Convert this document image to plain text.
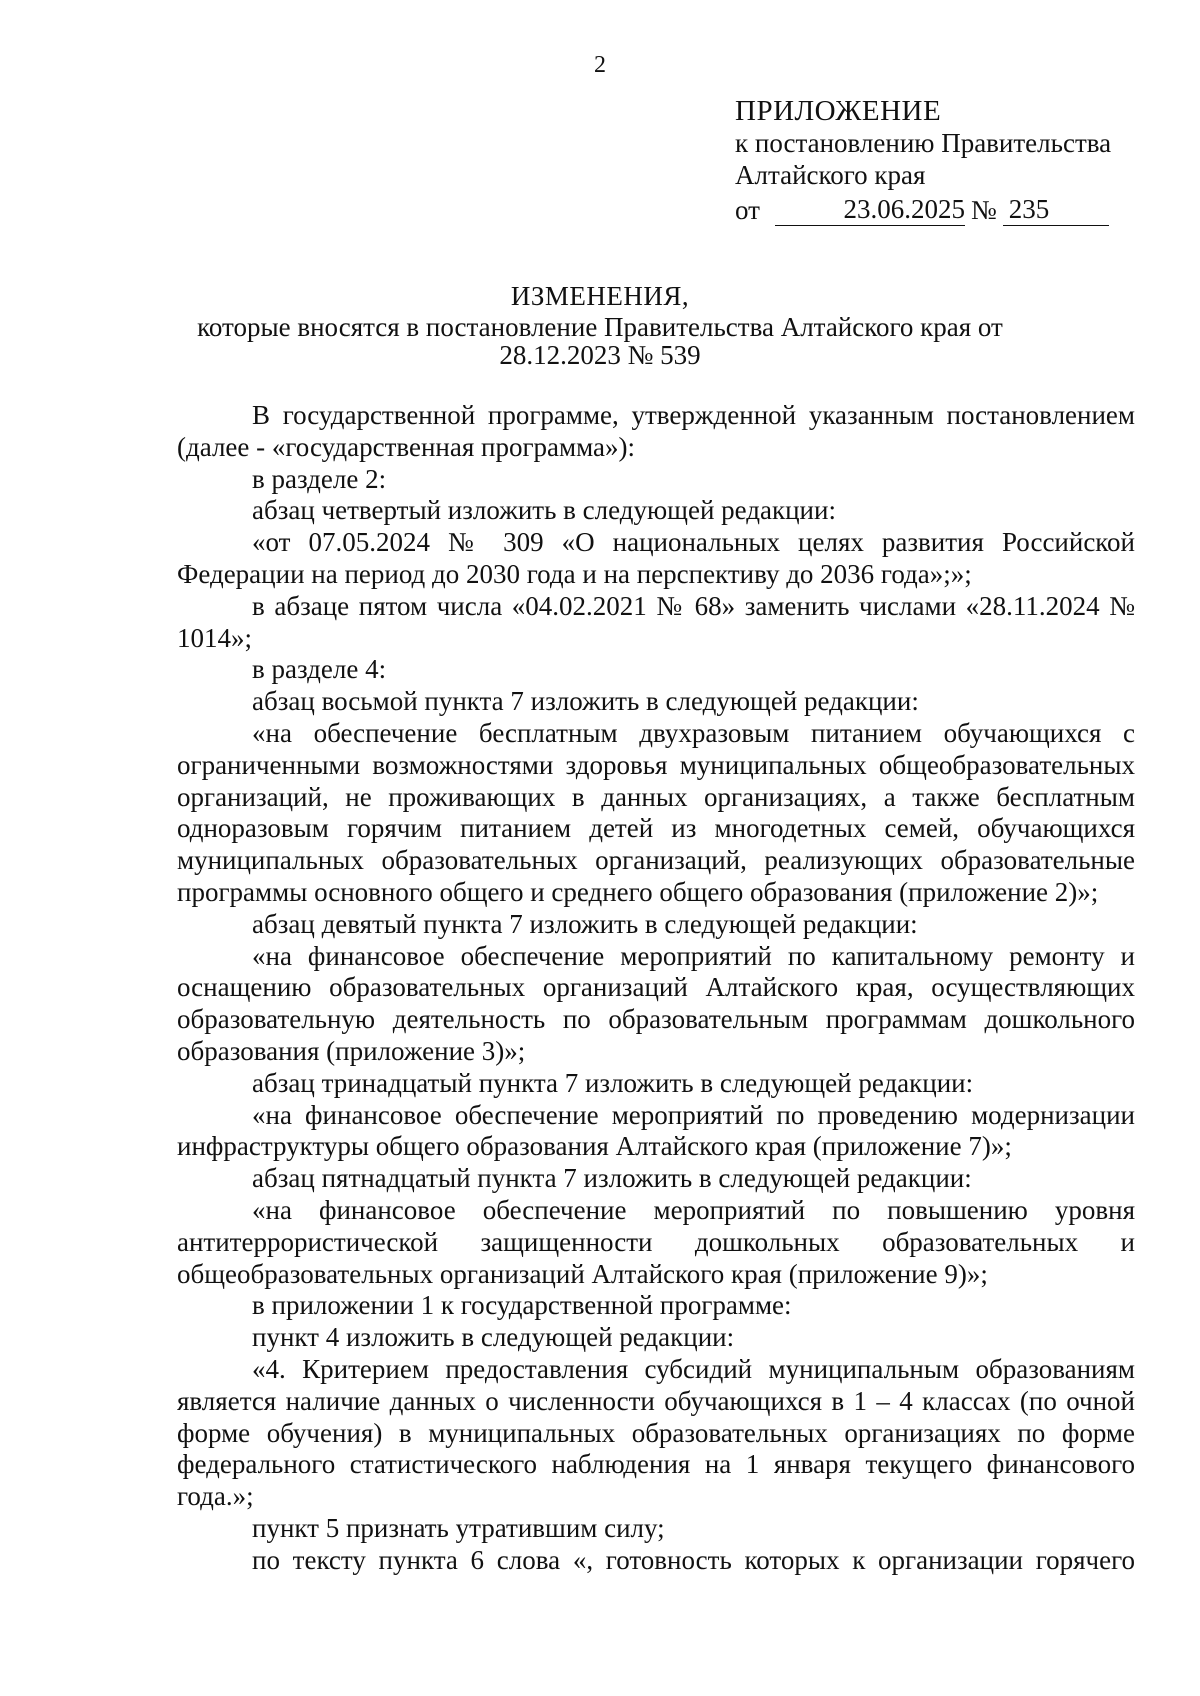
2
ПРИЛОЖЕНИЕ
к постановлению Правительства
Алтайского края
от	23.06.2025 № 235
ИЗМЕНЕНИЯ,
которые вносятся в постановление Правительства Алтайского края от
28.12.2023 № 539

В государственной программе, утвержденной указанным постановлением (далее - «государственная программа»):

в разделе 2:

абзац четвертый изложить в следующей редакции:

«от 07.05.2024 № 309 «О национальных целях развития Российской Федерации на период до 2030 года и на перспективу до 2036 года»;»;

в абзаце пятом числа «04.02.2021 № 68» заменить числами «28.11.2024 № 1014»;

в разделе 4:

абзац восьмой пункта 7 изложить в следующей редакции:

«на обеспечение бесплатным двухразовым питанием обучающихся с ограниченными возможностями здоровья муниципальных общеобразовательных организаций, не проживающих в данных организациях, а также бесплатным одноразовым горячим питанием детей из многодетных семей, обучающихся муниципальных образовательных организаций, реализующих образовательные программы основного общего и среднего общего образования (приложение 2)»;

абзац девятый пункта 7 изложить в следующей редакции:

«на финансовое обеспечение мероприятий по капитальному ремонту и оснащению образовательных организаций Алтайского края, осуществляющих образовательную деятельность по образовательным программам дошкольного образования (приложение 3)»;

абзац тринадцатый пункта 7 изложить в следующей редакции:

«на финансовое обеспечение мероприятий по проведению модернизации инфраструктуры общего образования Алтайского края (приложение 7)»;

абзац пятнадцатый пункта 7 изложить в следующей редакции:

«на финансовое обеспечение мероприятий по повышению уровня антитеррористической защищенности дошкольных образовательных и общеобразовательных организаций Алтайского края (приложение 9)»;

в приложении 1 к государственной программе:

пункт 4 изложить в следующей редакции:

«4. Критерием предоставления субсидий муниципальным образованиям является наличие данных о численности обучающихся в 1 – 4 классах (по очной форме обучения) в муниципальных образовательных организациях по форме федерального статистического наблюдения на 1 января текущего финансового года.»;

пункт 5 признать утратившим силу;

по тексту пункта 6 слова «, готовность которых к организации горячего
